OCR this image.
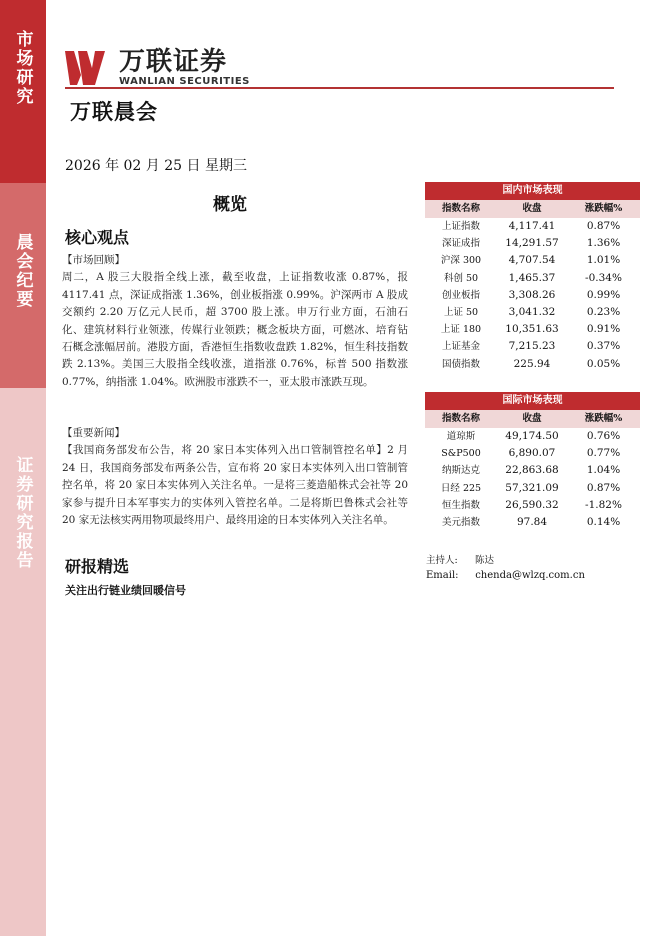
市场研究
晨会纪要
证券研究报告
万联证券
WANLIAN SECURITIES
万联晨会
2026 年 02 月 25 日 星期三
概览
核心观点
【市场回顾】
周二，A 股三大股指全线上涨，截至收盘，上证指数收涨 0.87%，报 4117.41 点，深证成指涨 1.36%，创业板指涨 0.99%。沪深两市 A 股成交额约 2.20 万亿元人民币，超 3700 股上涨。申万行业方面，石油石化、建筑材料行业领涨，传媒行业领跌；概念板块方面，可燃冰、培育钻石概念涨幅居前。港股方面，香港恒生指数收盘跌 1.82%，恒生科技指数跌 2.13%。美国三大股指全线收涨，道指涨 0.76%，标普 500 指数涨 0.77%，纳指涨 1.04%。欧洲股市涨跌不一，亚太股市涨跌互现。
【重要新闻】
【我国商务部发布公告，将 20 家日本实体列入出口管制管控名单】2 月 24 日，我国商务部发布两条公告，宣布将 20 家日本实体列入出口管制管控名单，将 20 家日本实体列入关注名单。一是将三菱造船株式会社等 20 家参与提升日本军事实力的实体列入管控名单。二是将斯巴鲁株式会社等 20 家无法核实两用物项最终用户、最终用途的日本实体列入关注名单。
研报精选
关注出行链业绩回暖信号
国内市场表现
指数名称	收盘	涨跌幅%
上证指数	4,117.41	0.87%
深证成指	14,291.57	1.36%
沪深 300	4,707.54	1.01%
科创 50	1,465.37	-0.34%
创业板指	3,308.26	0.99%
上证 50	3,041.32	0.23%
上证 180	10,351.63	0.91%
上证基金	7,215.23	0.37%
国债指数	225.94	0.05%
国际市场表现
指数名称	收盘	涨跌幅%
道琼斯	49,174.50	0.76%
S&P500	6,890.07	0.77%
纳斯达克	22,863.68	1.04%
日经 225	57,321.09	0.87%
恒生指数	26,590.32	-1.82%
美元指数	97.84	0.14%
主持人: 陈达
Email: chenda@wlzq.com.cn
